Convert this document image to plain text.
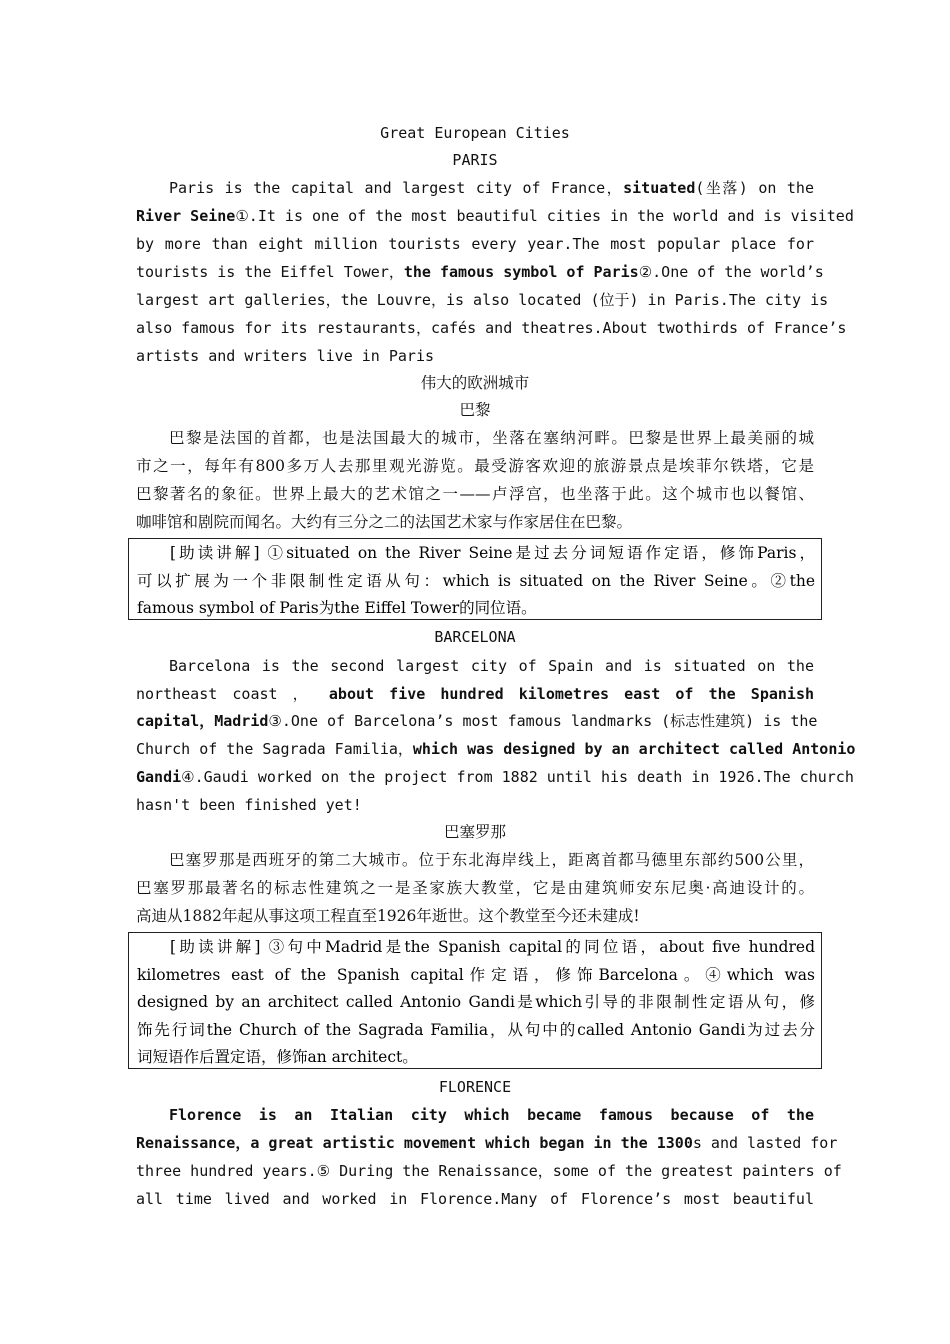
Great European Cities
PARIS
Paris is the capital and largest city of France，situated(坐落) on the
River Seine①.It is one of the most beautiful cities in the world and is visited
by more than eight million tourists every year.The most popular place for
tourists is the Eiffel Tower，the famous symbol of Paris②.One of the world’s
largest art galleries，the Louvre，is also located (位于) in Paris.The city is
also famous for its restaurants，cafés and theatres.About twothirds of France’s
artists and writers live in Paris
伟大的欧洲城市
巴黎
巴黎是法国的首都，也是法国最大的城市，坐落在塞纳河畔。巴黎是世界上最美丽的城
市之一，每年有800多万人去那里观光游览。最受游客欢迎的旅游景点是埃菲尔铁塔，它是
巴黎著名的象征。世界上最大的艺术馆之一——卢浮宫，也坐落于此。这个城市也以餐馆、
咖啡馆和剧院而闻名。大约有三分之二的法国艺术家与作家居住在巴黎。
[助读讲解] ①situated on the River Seine是过去分词短语作定语，修饰Paris，
可以扩展为一个非限制性定语从句：which is situated on the River Seine。②the
famous symbol of Paris为the Eiffel Tower的同位语。
BARCELONA
Barcelona is the second largest city of Spain and is situated on the
northeast coast ， about five hundred kilometres east of the Spanish
capital，Madrid③.One of Barcelona’s most famous landmarks (标志性建筑) is the
Church of the Sagrada Familia，which was designed by an architect called Antonio
Gandi④.Gaudi worked on the project from 1882 until his death in 1926.The church
hasn't been finished yet!
巴塞罗那
巴塞罗那是西班牙的第二大城市。位于东北海岸线上，距离首都马德里东部约500公里，
巴塞罗那最著名的标志性建筑之一是圣家族大教堂，它是由建筑师安东尼奥·高迪设计的。
高迪从1882年起从事这项工程直至1926年逝世。这个教堂至今还未建成!
[助读讲解] ③句中Madrid是the Spanish capital的同位语，about five hundred
kilometres east of the Spanish capital作定语，修饰Barcelona。④which was
designed by an architect called Antonio Gandi是which引导的非限制性定语从句，修
饰先行词the Church of the Sagrada Familia，从句中的called Antonio Gandi为过去分
词短语作后置定语，修饰an architect。
FLORENCE
Florence is an Italian city which became famous because of the
Renaissance，a great artistic movement which began in the 1300s and lasted for
three hundred years.⑤ During the Renaissance，some of the greatest painters of
all time lived and worked in Florence.Many of Florence’s most beautiful
